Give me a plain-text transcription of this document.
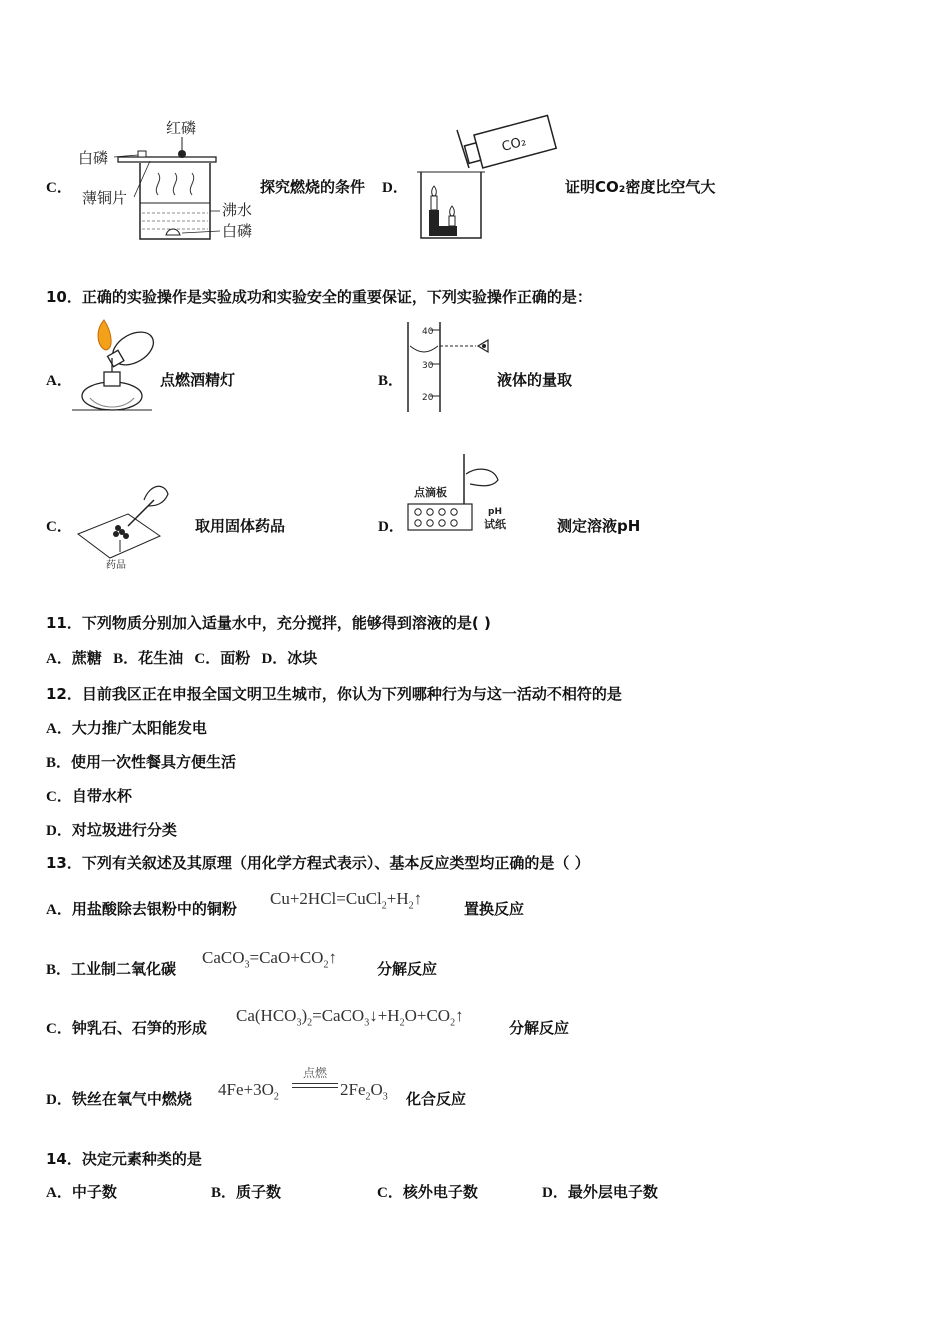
C．
红磷
白磷
薄铜片
沸水
白磷
探究燃烧的条件 D．
CO₂
证明CO₂密度比空气大
10．正确的实验操作是实验成功和实验安全的重要保证，下列实验操作正确的是：
A．	点燃酒精灯	B．
40
30
20
液体的量取
C．
药品
取用固体药品	D．
点滴板
pH
试纸	测定溶液pH
11．下列物质分别加入适量水中，充分搅拌，能够得到溶液的是( )
A．蔗糖 B．花生油 C．面粉 D．冰块
12．目前我区正在申报全国文明卫生城市，你认为下列哪种行为与这一活动不相符的是
A．大力推广太阳能发电
B．使用一次性餐具方便生活
C．自带水杯
D．对垃圾进行分类
13．下列有关叙述及其原理（用化学方程式表示）、基本反应类型均正确的是（ ）
A．用盐酸除去银粉中的铜粉
$Cu+2HCl=CuCl_2+H_2↑$
置换反应
B．工业制二氧化碳
$CaCO_3=CaO+CO_2↑$
分解反应
C．钟乳石、石笋的形成
$Ca(HCO_3)_2=CaCO_3↓+H_2O+CO_2↑$
分解反应
D．铁丝在氧气中燃烧 $4Fe+3O_2$
点燃
$2Fe_2O_3$ 化合反应
14．决定元素种类的是
A．中子数	B．质子数	C．核外电子数	D．最外层电子数
